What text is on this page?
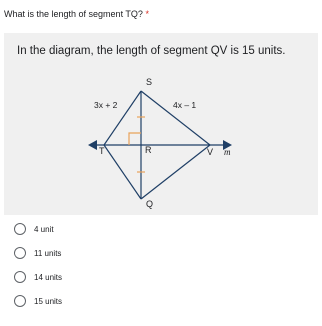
What is the length of segment TQ? *
In the diagram, the length of segment QV is 15 units.
S
T	R	V
Q
m
3x + 2	4x – 1
4 unit
11 units
14 units
15 units
